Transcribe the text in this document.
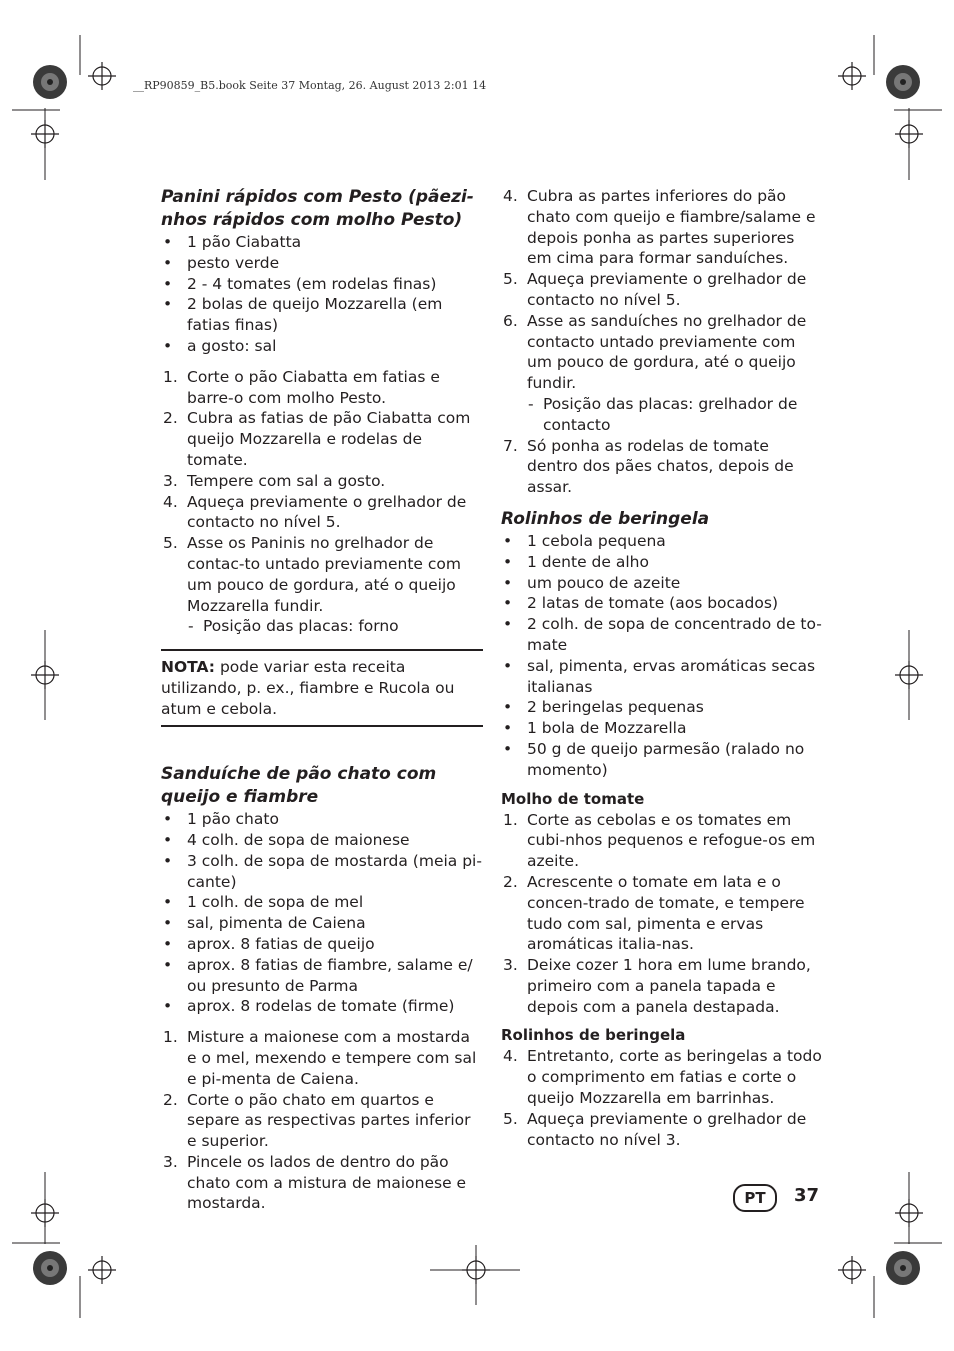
__RP90859_B5.book Seite 37 Montag, 26. August 2013 2:01 14
Panini rápidos com Pesto (pãezi-nhos rápidos com molho Pesto)
• 1 pão Ciabatta
• pesto verde
• 2 - 4 tomates (em rodelas finas)
• 2 bolas de queijo Mozzarella (em fatias finas)
• a gosto: sal
1. Corte o pão Ciabatta em fatias e barre-o com molho Pesto.
2. Cubra as fatias de pão Ciabatta com queijo Mozzarella e rodelas de tomate.
3. Tempere com sal a gosto.
4. Aqueça previamente o grelhador de contacto no nível 5.
5. Asse os Paninis no grelhador de contac-to untado previamente com um pouco de gordura, até o queijo Mozzarella fundir.
- Posição das placas: forno
NOTA: pode variar esta receita utilizando, p. ex., fiambre e Rucola ou atum e cebola.
Sanduíche de pão chato com queijo e fiambre
• 1 pão chato
• 4 colh. de sopa de maionese
• 3 colh. de sopa de mostarda (meia pi-cante)
• 1 colh. de sopa de mel
• sal, pimenta de Caiena
• aprox. 8 fatias de queijo
• aprox. 8 fatias de fiambre, salame e/ ou presunto de Parma
• aprox. 8 rodelas de tomate (firme)
1. Misture a maionese com a mostarda e o mel, mexendo e tempere com sal e pi-menta de Caiena.
2. Corte o pão chato em quartos e separe as respectivas partes inferior e superior.
3. Pincele os lados de dentro do pão chato com a mistura de maionese e mostarda.
4. Cubra as partes inferiores do pão chato com queijo e fiambre/salame e depois ponha as partes superiores em cima para formar sanduíches.
5. Aqueça previamente o grelhador de contacto no nível 5.
6. Asse as sanduíches no grelhador de contacto untado previamente com um pouco de gordura, até o queijo fundir.
- Posição das placas: grelhador de contacto
7. Só ponha as rodelas de tomate dentro dos pães chatos, depois de assar.
Rolinhos de beringela
• 1 cebola pequena
• 1 dente de alho
• um pouco de azeite
• 2 latas de tomate (aos bocados)
• 2 colh. de sopa de concentrado de to-mate
• sal, pimenta, ervas aromáticas secas italianas
• 2 beringelas pequenas
• 1 bola de Mozzarella
• 50 g de queijo parmesão (ralado no momento)
Molho de tomate
1. Corte as cebolas e os tomates em cubi-nhos pequenos e refogue-os em azeite.
2. Acrescente o tomate em lata e o concen-trado de tomate, e tempere tudo com sal, pimenta e ervas aromáticas italia-nas.
3. Deixe cozer 1 hora em lume brando, primeiro com a panela tapada e depois com a panela destapada.
Rolinhos de beringela
4. Entretanto, corte as beringelas a todo o comprimento em fatias e corte o queijo Mozzarella em barrinhas.
5. Aqueça previamente o grelhador de contacto no nível 3.
PT	37
